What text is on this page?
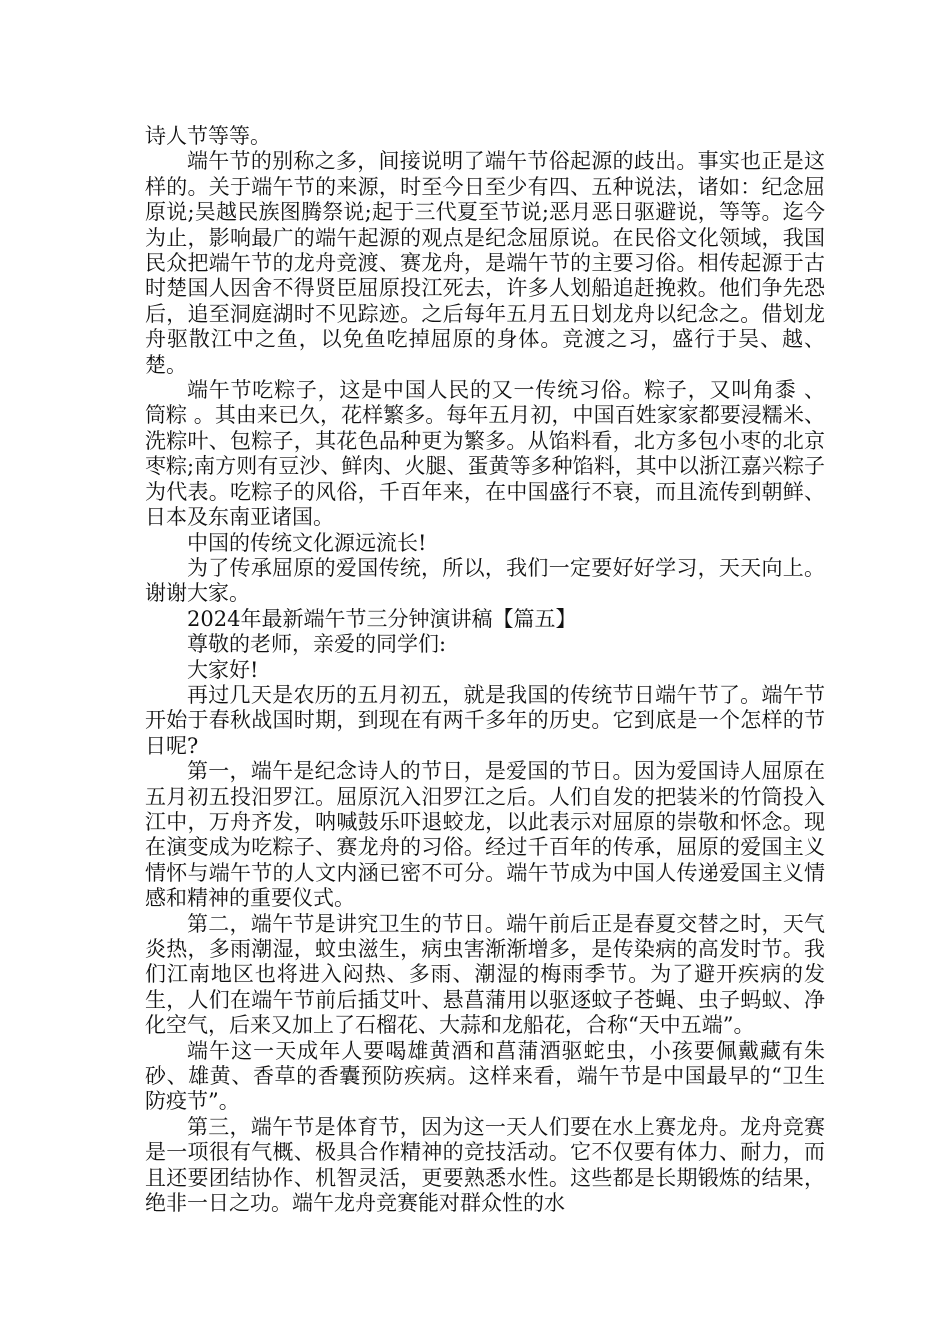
诗人节等等。

端午节的别称之多，间接说明了端午节俗起源的歧出。事实也正是这样的。关于端午节的来源，时至今日至少有四、五种说法，诸如：纪念屈原说;吴越民族图腾祭说;起于三代夏至节说;恶月恶日驱避说，等等。迄今为止，影响最广的端午起源的观点是纪念屈原说。在民俗文化领域，我国民众把端午节的龙舟竞渡、赛龙舟，是端午节的主要习俗。相传起源于古时楚国人因舍不得贤臣屈原投江死去，许多人划船追赶挽救。他们争先恐后，追至洞庭湖时不见踪迹。之后每年五月五日划龙舟以纪念之。借划龙舟驱散江中之鱼，以免鱼吃掉屈原的身体。竞渡之习，盛行于吴、越、楚。

端午节吃粽子，这是中国人民的又一传统习俗。粽子，又叫角黍 、 筒粽 。其由来已久，花样繁多。每年五月初，中国百姓家家都要浸糯米、洗粽叶、包粽子，其花色品种更为繁多。从馅料看，北方多包小枣的北京枣粽;南方则有豆沙、鲜肉、火腿、蛋黄等多种馅料，其中以浙江嘉兴粽子为代表。吃粽子的风俗，千百年来，在中国盛行不衰，而且流传到朝鲜、日本及东南亚诸国。

中国的传统文化源远流长!

为了传承屈原的爱国传统，所以，我们一定要好好学习，天天向上。谢谢大家。

2024年最新端午节三分钟演讲稿【篇五】

尊敬的老师，亲爱的同学们:

大家好!

再过几天是农历的五月初五，就是我国的传统节日端午节了。端午节开始于春秋战国时期，到现在有两千多年的历史。它到底是一个怎样的节日呢?

第一，端午是纪念诗人的节日，是爱国的节日。因为爱国诗人屈原在五月初五投汨罗江。屈原沉入汨罗江之后。人们自发的把装米的竹筒投入江中，万舟齐发，呐喊鼓乐吓退蛟龙，以此表示对屈原的崇敬和怀念。现在演变成为吃粽子、赛龙舟的习俗。经过千百年的传承，屈原的爱国主义情怀与端午节的人文内涵已密不可分。端午节成为中国人传递爱国主义情感和精神的重要仪式。

第二，端午节是讲究卫生的节日。端午前后正是春夏交替之时，天气炎热，多雨潮湿，蚊虫滋生，病虫害渐渐增多，是传染病的高发时节。我们江南地区也将进入闷热、多雨、潮湿的梅雨季节。为了避开疾病的发生，人们在端午节前后插艾叶、悬菖蒲用以驱逐蚊子苍蝇、虫子蚂蚁、净化空气，后来又加上了石榴花、大蒜和龙船花，合称“天中五端”。

端午这一天成年人要喝雄黄酒和菖蒲酒驱蛇虫，小孩要佩戴藏有朱砂、雄黄、香草的香囊预防疾病。这样来看，端午节是中国最早的“卫生防疫节”。

第三，端午节是体育节，因为这一天人们要在水上赛龙舟。龙舟竞赛是一项很有气概、极具合作精神的竞技活动。它不仅要有体力、耐力，而且还要团结协作、机智灵活，更要熟悉水性。这些都是长期锻炼的结果，绝非一日之功。端午龙舟竞赛能对群众性的水
